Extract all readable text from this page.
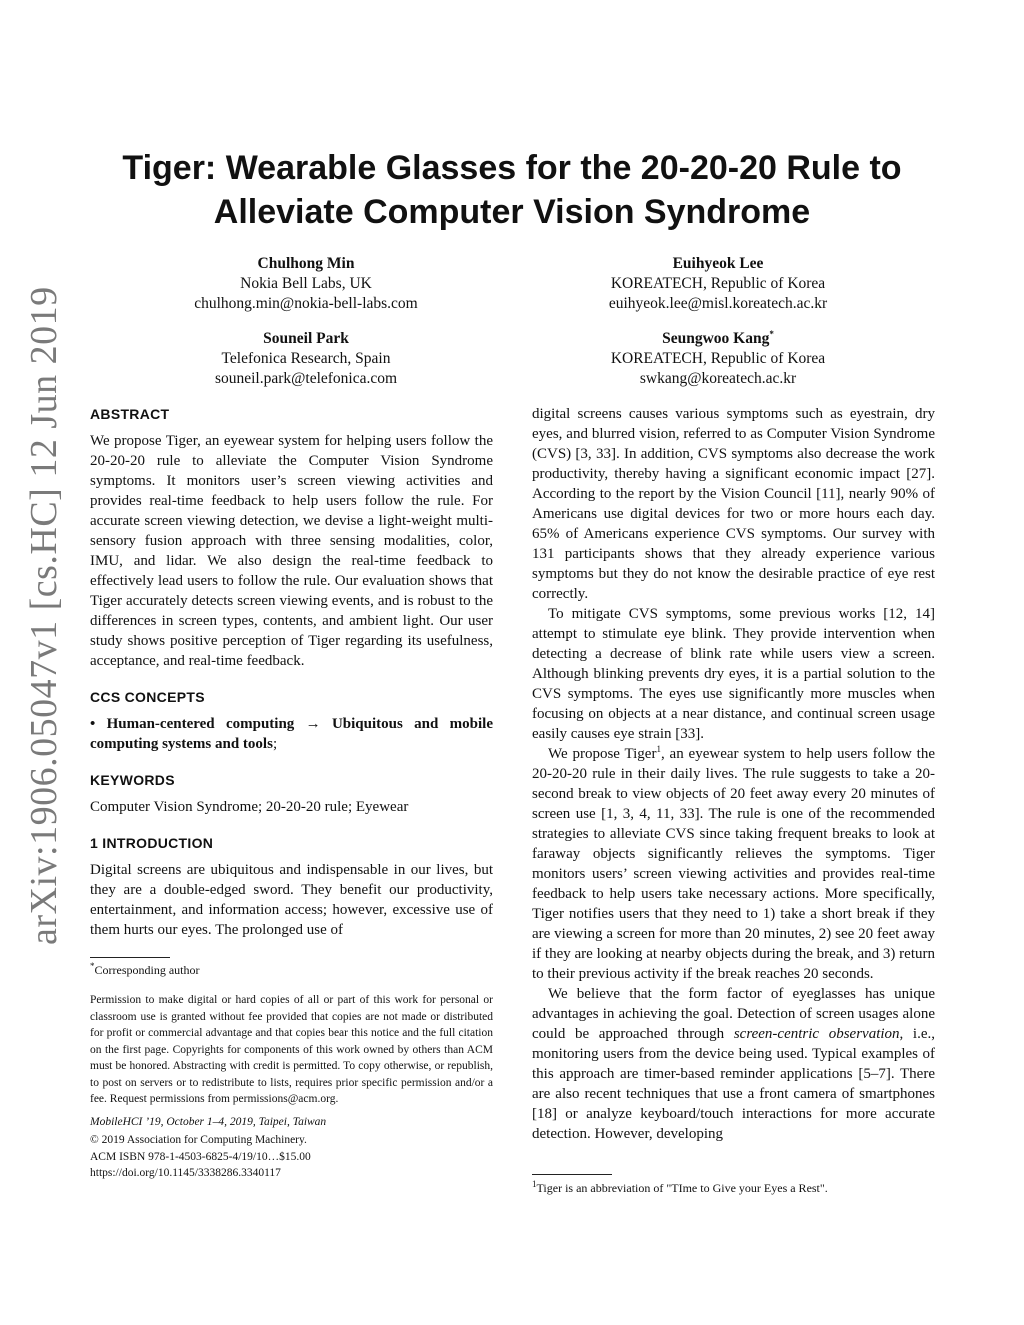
arXiv:1906.05047v1 [cs.HC] 12 Jun 2019
Tiger: Wearable Glasses for the 20-20-20 Rule to
Alleviate Computer Vision Syndrome
Chulhong Min
Nokia Bell Labs, UK
chulhong.min@nokia-bell-labs.com
Euihyeok Lee
KOREATECH, Republic of Korea
euihyeok.lee@misl.koreatech.ac.kr
Souneil Park
Telefonica Research, Spain
souneil.park@telefonica.com
Seungwoo Kang*
KOREATECH, Republic of Korea
swkang@koreatech.ac.kr
ABSTRACT

We propose Tiger, an eyewear system for helping users follow the 20-20-20 rule to alleviate the Computer Vision Syndrome symptoms. It monitors user’s screen viewing activities and provides real-time feedback to help users follow the rule. For accurate screen viewing detection, we devise a light-weight multi-sensory fusion approach with three sensing modalities, color, IMU, and lidar. We also design the real-time feedback to effectively lead users to follow the rule. Our evaluation shows that Tiger accurately detects screen viewing events, and is robust to the differences in screen types, contents, and ambient light. Our user study shows positive perception of Tiger regarding its usefulness, acceptance, and real-time feedback.

CCS CONCEPTS

• Human-centered computing → Ubiquitous and mobile computing systems and tools;

KEYWORDS

Computer Vision Syndrome; 20-20-20 rule; Eyewear

1 INTRODUCTION

Digital screens are ubiquitous and indispensable in our lives, but they are a double-edged sword. They benefit our productivity, entertainment, and information access; however, excessive use of them hurts our eyes. The prolonged use of

*Corresponding author

Permission to make digital or hard copies of all or part of this work for personal or classroom use is granted without fee provided that copies are not made or distributed for profit or commercial advantage and that copies bear this notice and the full citation on the first page. Copyrights for components of this work owned by others than ACM must be honored. Abstracting with credit is permitted. To copy otherwise, or republish, to post on servers or to redistribute to lists, requires prior specific permission and/or a fee. Request permissions from permissions@acm.org.

MobileHCI ’19, October 1–4, 2019, Taipei, Taiwan

© 2019 Association for Computing Machinery.

ACM ISBN 978-1-4503-6825-4/19/10…$15.00

https://doi.org/10.1145/3338286.3340117

digital screens causes various symptoms such as eyestrain, dry eyes, and blurred vision, referred to as Computer Vision Syndrome (CVS) [3, 33]. In addition, CVS symptoms also decrease the work productivity, thereby having a significant economic impact [27]. According to the report by the Vision Council [11], nearly 90% of Americans use digital devices for two or more hours each day. 65% of Americans experience CVS symptoms. Our survey with 131 participants shows that they already experience various symptoms but they do not know the desirable practice of eye rest correctly.

To mitigate CVS symptoms, some previous works [12, 14] attempt to stimulate eye blink. They provide intervention when detecting a decrease of blink rate while users view a screen. Although blinking prevents dry eyes, it is a partial solution to the CVS symptoms. The eyes use significantly more muscles when focusing on objects at a near distance, and continual screen usage easily causes eye strain [33].

We propose Tiger$^1$, an eyewear system to help users follow the 20-20-20 rule in their daily lives. The rule suggests to take a 20-second break to view objects of 20 feet away every 20 minutes of screen use [1, 3, 4, 11, 33]. The rule is one of the recommended strategies to alleviate CVS since taking frequent breaks to look at faraway objects significantly relieves the symptoms. Tiger monitors users’ screen viewing activities and provides real-time feedback to help users take necessary actions. More specifically, Tiger notifies users that they need to 1) take a short break if they are viewing a screen for more than 20 minutes, 2) see 20 feet away if they are looking at nearby objects during the break, and 3) return to their previous activity if the break reaches 20 seconds.

We believe that the form factor of eyeglasses has unique advantages in achieving the goal. Detection of screen usages alone could be approached through screen-centric observation, i.e., monitoring users from the device being used. Typical examples of this approach are timer-based reminder applications [5–7]. There are also recent techniques that use a front camera of smartphones [18] or analyze keyboard/touch interactions for more accurate detection. However, developing

$^1$Tiger is an abbreviation of "TIme to Give your Eyes a Rest".
